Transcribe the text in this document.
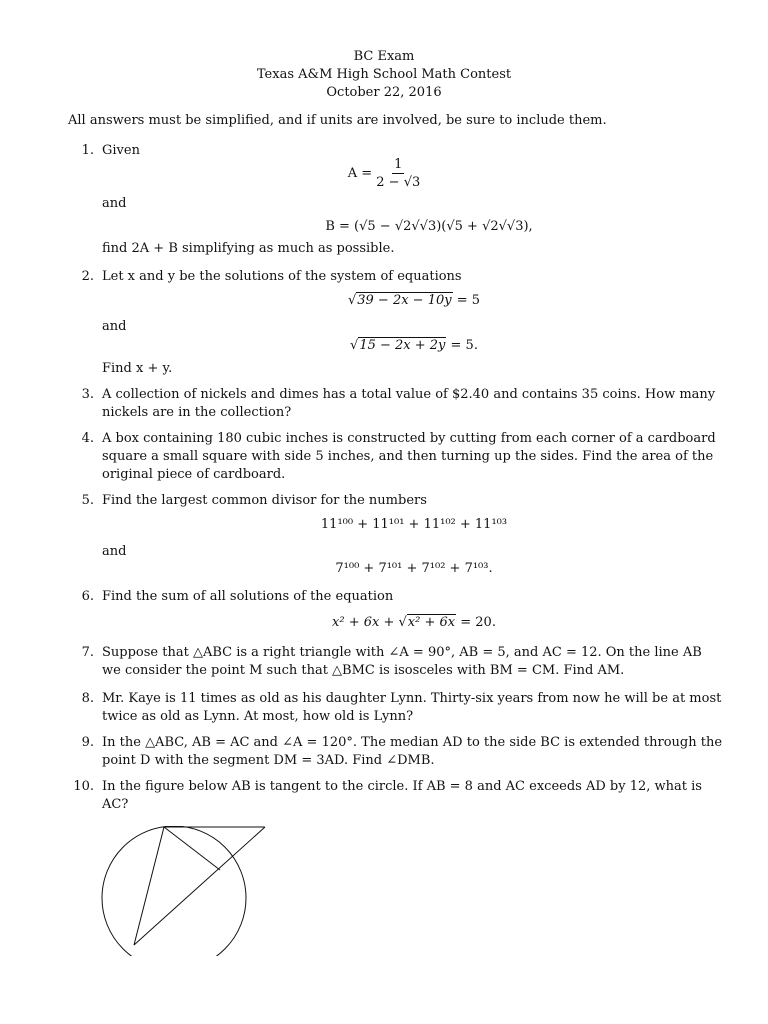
BC Exam
Texas A&M High School Math Contest
October 22, 2016
All answers must be simplified, and if units are involved, be sure to include them.
1. Given
$A = \frac{1}{2 - √3}$
and
B = (√5 − √2√√3)(√5 + √2√√3),
find 2A + B simplifying as much as possible.
2. Let x and y be the solutions of the system of equations
√39 − 2x − 10y = 5
and
√15 − 2x + 2y = 5.
Find x + y.
3. A collection of nickels and dimes has a total value of $2.40 and contains 35 coins. How many nickels are in the collection?
4. A box containing 180 cubic inches is constructed by cutting from each corner of a cardboard square a small square with side 5 inches, and then turning up the sides. Find the area of the original piece of cardboard.
5. Find the largest common divisor for the numbers
11¹⁰⁰ + 11¹⁰¹ + 11¹⁰² + 11¹⁰³
and
7¹⁰⁰ + 7¹⁰¹ + 7¹⁰² + 7¹⁰³.
6. Find the sum of all solutions of the equation
x² + 6x + √x² + 6x = 20.
7. Suppose that △ABC is a right triangle with ∠A = 90°, AB = 5, and AC = 12. On the line AB we consider the point M such that △BMC is isosceles with BM = CM. Find AM.
8. Mr. Kaye is 11 times as old as his daughter Lynn. Thirty-six years from now he will be at most twice as old as Lynn. At most, how old is Lynn?
9. In the △ABC, AB = AC and ∠A = 120°. The median AD to the side BC is extended through the point D with the segment DM = 3AD. Find ∠DMB.
10. In the figure below AB is tangent to the circle. If AB = 8 and AC exceeds AD by 12, what is AC?
